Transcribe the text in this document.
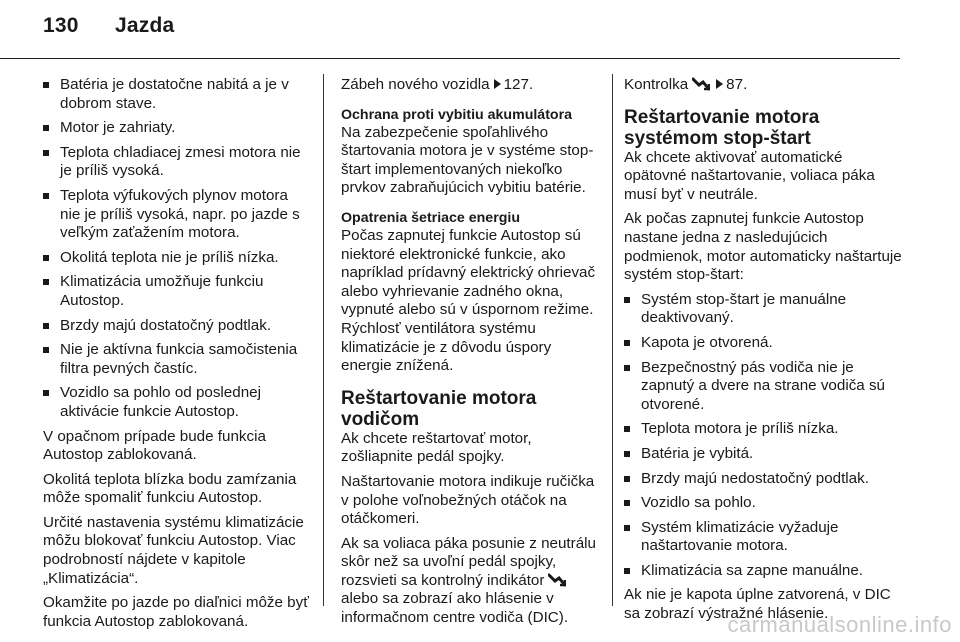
130 Jazda
Batéria je dostatočne nabitá a je v dobrom stave.
Motor je zahriaty.
Teplota chladiacej zmesi motora nie je príliš vysoká.
Teplota výfukových plynov motora nie je príliš vysoká, napr. po jazde s veľkým zaťažením motora.
Okolitá teplota nie je príliš nízka.
Klimatizácia umožňuje funkciu Autostop.
Brzdy majú dostatočný podtlak.
Nie je aktívna funkcia samočistenia filtra pevných častíc.
Vozidlo sa pohlo od poslednej aktivácie funkcie Autostop.

V opačnom prípade bude funkcia Autostop zablokovaná.

Okolitá teplota blízka bodu zamŕzania môže spomaliť funkciu Autostop.

Určité nastavenia systému klimatizácie môžu blokovať funkciu Autostop. Viac podrobností nájdete v kapitole „Klimatizácia“.

Okamžite po jazde po diaľnici môže byť funkcia Autostop zablokovaná.

Zábeh nového vozidla 127.

Ochrana proti vybitiu akumulátora

Na zabezpečenie spoľahlivého štartovania motora je v systéme stop-štart implementovaných niekoľko prvkov zabraňujúcich vybitiu batérie.

Opatrenia šetriace energiu

Počas zapnutej funkcie Autostop sú niektoré elektronické funkcie, ako napríklad prídavný elektrický ohrievač alebo vyhrievanie zadného okna, vypnuté alebo sú v úspornom režime. Rýchlosť ventilátora systému klimatizácie je z dôvodu úspory energie znížená.

Reštartovanie motora vodičom

Ak chcete reštartovať motor, zošliapnite pedál spojky.

Naštartovanie motora indikuje ručička v polohe voľnobežných otáčok na otáčkomeri.

Ak sa voliaca páka posunie z neutrálu skôr než sa uvoľní pedál spojky, rozsvieti sa kontrolný indikátor alebo sa zobrazí ako hlásenie v informačnom centre vodiča (DIC).

Kontrolka	87.

Reštartovanie motora systémom stop-štart

Ak chcete aktivovať automatické opätovné naštartovanie, voliaca páka musí byť v neutrále.

Ak počas zapnutej funkcie Autostop nastane jedna z nasledujúcich podmienok, motor automaticky naštartuje systém stop-štart:

Systém stop-štart je manuálne deaktivovaný.
Kapota je otvorená.
Bezpečnostný pás vodiča nie je zapnutý a dvere na strane vodiča sú otvorené.
Teplota motora je príliš nízka.
Batéria je vybitá.
Brzdy majú nedostatočný podtlak.
Vozidlo sa pohlo.
Systém klimatizácie vyžaduje naštartovanie motora.
Klimatizácia sa zapne manuálne.

Ak nie je kapota úplne zatvorená, v DIC sa zobrazí výstražné hlásenie.

carmanualsonline.info
